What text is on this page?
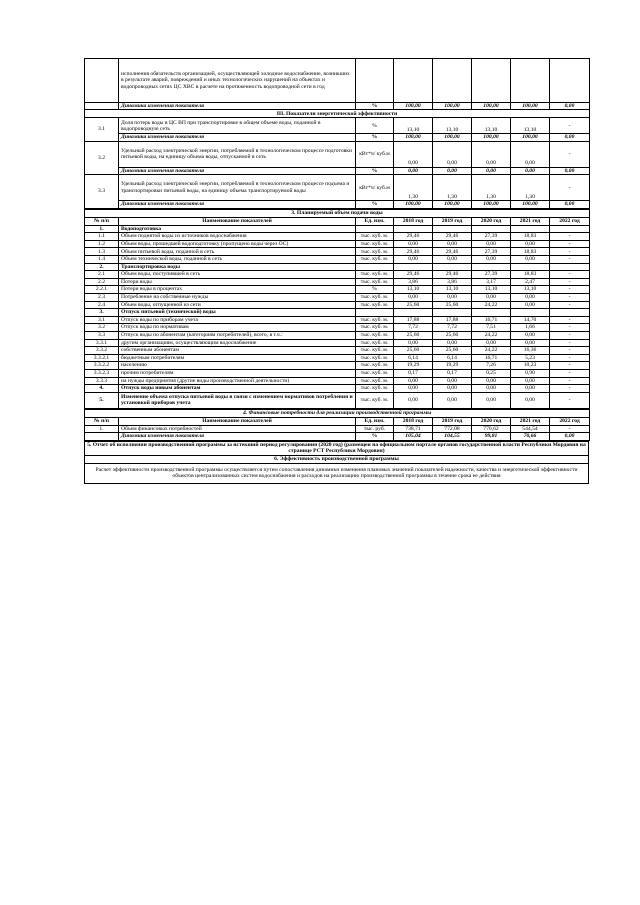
	исполнения обязательств организацией, осуществляющей холодное водоснабжение, возникших в результате аварий, повреждений и иных технологических нарушений на объектах и водопроводных сетях ЦС ХВС в расчете на протяженность водопроводной сети в год						
	Динамика изменения показателя	%	100,00	100,00	100,00	100,00	0,00
III. Показатели энергетической эффективности							
3.1	Доля потерь воды в ЦС ВП при транспортировке в общем объеме воды, поданной в водопроводную сеть	%	13,10	13,10	13,10	13,10	-
	Динамика изменения показателя	%	100,00	100,00	100,00	100,00	0,00
3.2	Удельный расход электрической энергии, потребляемой в технологическом процессе подготовки питьевой воды, на единицу объема воды, отпускаемой в сеть	кВт*ч/ куб.м	0,00	0,00	0,00	0,00	-
	Динамика изменения показателя	%	0,00	0,00	0,00	0,00	0,00
3.3	Удельный расход электрической энергии, потребляемой в технологическом процессе подъема и транспортировки питьевой воды, на единицу объема транспортируемой воды	кВт*ч/ куб.м	1,30	1,30	1,30	1,30	-
	Динамика изменения показателя	%	100,00	100,00	100,00	100,00	0,00
3. Планируемый объем подачи воды							
№ п/п	Наименование показателей	Ед. изм.	2018 год	2019 год	2020 год	2021 год	2022 год
1.	Водоподготовка						
1.1	Объем поднятой воды из источников водоснабжения	тыс. куб. м.	29,46	29,46	27,39	18,83	-
1.2	Объем воды, прошедшей водоподготовку (пропущено воды через ОС)	тыс. куб. м.	0,00	0,00	0,00	0,00	-
1.3	Объем питьевой воды, поданной в сеть	тыс. куб. м.	29,46	29,46	27,39	18,83	-
1.4	Объем технической воды, поданной в сеть	тыс. куб. м.	0,00	0,00	0,00	0,00	-
2.	Транспортировка воды						
2.1	Объем воды, поступившей в сеть	тыс. куб. м.	29,46	29,46	27,39	18,83	-
2.2	Потери воды	тыс. куб. м.	3,86	3,86	3,17	2,47	-
2.2.1	Потери воды в процентах	%	13,10	13,10	13,10	13,10	-
2.3	Потребление на собственные нужды	тыс. куб. м.	0,00	0,00	0,00	0,00	-
2.4	Объем воды, отпущенной из сети	тыс. куб. м.	25,60	25,60	24,22	0,00	-
3.	Отпуск питьевой (технической) воды						
3.1	Отпуск воды по приборам учета	тыс. куб. м.	17,88	17,88	16,71	14,70	-
3.2	Отпуск воды по нормативам	тыс. куб. м.	7,72	7,72	7,51	1,66	-
3.3	Отпуск воды по абонентам (категориям потребителей), всего, в т.ч.:	тыс. куб. м.	25,60	25,60	24,22	0,00	-
3.3.1	другим организациям, осуществляющим водоснабжение	тыс. куб. м.	0,00	0,00	0,00	0,00	-
3.3.2	собственным абонентам	тыс. куб. м.	25,60	25,60	24,22	16,36	-
3.3.2.1	бюджетным потребителям	тыс. куб. м.	6,14	6,14	16,71	5,23	-
3.3.2.2	населению	тыс. куб. м.	19,29	19,29	7,26	10,23	-
3.3.2.3	прочим потребителям	тыс. куб. м.	0,17	0,17	0,25	0,90	-
3.3.3	на нужды предприятия (другие виды производственной деятельности)	тыс. куб. м.	0,00	0,00	0,00	0,00	-
4.	Отпуск воды новым абонентам	тыс. куб. м.	0,00	0,00	0,00	0,00	-
5.	Изменение объема отпуска питьевой воды в связи с изменением нормативов потребления и установкой приборов учета	тыс. куб. м.	0,00	0,00	0,00	0,00	-
4. Финансовые потребности для реализации производственной программы							
№ п/п	Наименование показателей	Ед. изм.	2018 год	2019 год	2020 год	2021 год	2022 год
1.	Объем финансовых потребностей	тыс. руб.	738,71	772,08	770,62	544,54	-
	Динамика изменения показателя	%	105,04	104,55	99,81	70,66	0,00
5. Отчет об исполнении производственной программы за истекший период регулирования (2020 год) (размещен на официальном портале органов государственной власти Республики Мордовия на странице РСТ Республики Мордовия)
6. Эффективность производственной программы
Расчет эффективности производственной программы осуществляется путем сопоставления динамики изменения плановых значений показателей надежности, качества и энергетической эффективности объектов централизованных систем водоснабжения и расходов на реализацию производственной программы в течение срока ее действия
